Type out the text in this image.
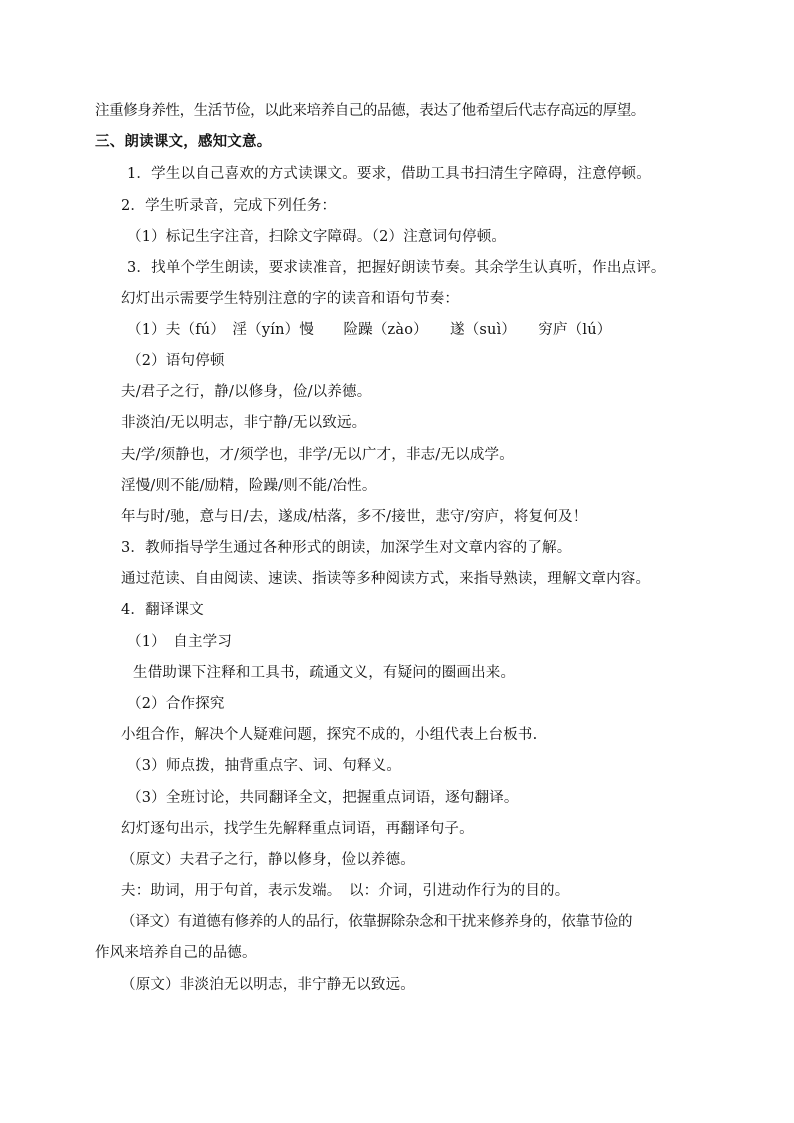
注重修身养性，生活节俭，以此来培养自己的品德，表达了他希望后代志存高远的厚望。
三、朗读课文，感知文意。
1．学生以自己喜欢的方式读课文。要求，借助工具书扫清生字障碍，注意停顿。
2．学生听录音，完成下列任务：
（1）标记生字注音，扫除文字障碍。（2）注意词句停顿。
3．找单个学生朗读，要求读准音，把握好朗读节奏。其余学生认真听，作出点评。
幻灯出示需要学生特别注意的字的读音和语句节奏：
（1）夫（fú）　淫（yín）慢　　险躁（zào）　　遂（suì）　　穷庐（lú）
（2）语句停顿
夫/君子之行，静/以修身，俭/以养德。
非淡泊/无以明志，非宁静/无以致远。
夫/学/须静也，才/须学也，非学/无以广才，非志/无以成学。
淫慢/则不能/励精，险躁/则不能/冶性。
年与时/驰，意与日/去，遂成/枯落，多不/接世，悲守/穷庐，将复何及！
3．教师指导学生通过各种形式的朗读，加深学生对文章内容的了解。
通过范读、自由阅读、速读、指读等多种阅读方式，来指导熟读，理解文章内容。
4．翻译课文
（1）　自主学习
生借助课下注释和工具书，疏通文义，有疑问的圈画出来。
（2）合作探究
小组合作，解决个人疑难问题，探究不成的，小组代表上台板书.
（3）师点拨，抽背重点字、词、句释义。
（3）全班讨论，共同翻译全文，把握重点词语，逐句翻译。
幻灯逐句出示，找学生先解释重点词语，再翻译句子。
（原文）夫君子之行，静以修身，俭以养德。
夫：助词，用于句首，表示发端。　以：介词，引进动作行为的目的。
（译文）有道德有修养的人的品行，依靠摒除杂念和干扰来修养身的，依靠节俭的
作风来培养自己的品德。
（原文）非淡泊无以明志，非宁静无以致远。
